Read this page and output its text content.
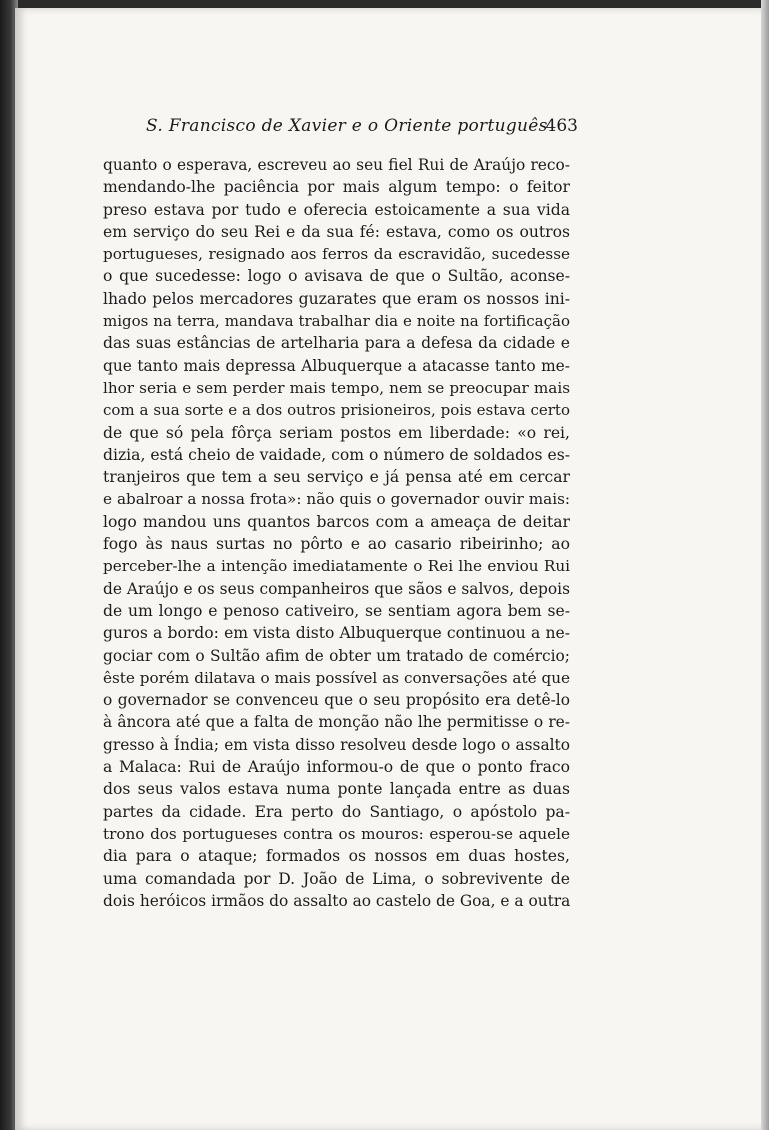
S. Francisco de Xavier e o Oriente português
463
quanto o esperava, escreveu ao seu fiel Rui de Araújo reco-
mendando-lhe paciência por mais algum tempo: o feitor
preso estava por tudo e oferecia estoicamente a sua vida
em serviço do seu Rei e da sua fé: estava, como os outros
portugueses, resignado aos ferros da escravidão, sucedesse
o que sucedesse: logo o avisava de que o Sultão, aconse-
lhado pelos mercadores guzarates que eram os nossos ini-
migos na terra, mandava trabalhar dia e noite na fortificação
das suas estâncias de artelharia para a defesa da cidade e
que tanto mais depressa Albuquerque a atacasse tanto me-
lhor seria e sem perder mais tempo, nem se preocupar mais
com a sua sorte e a dos outros prisioneiros, pois estava certo
de que só pela fôrça seriam postos em liberdade: «o rei,
dizia, está cheio de vaidade, com o número de soldados es-
tranjeiros que tem a seu serviço e já pensa até em cercar
e abalroar a nossa frota»: não quis o governador ouvir mais:
logo mandou uns quantos barcos com a ameaça de deitar
fogo às naus surtas no pôrto e ao casario ribeirinho; ao
perceber-lhe a intenção imediatamente o Rei lhe enviou Rui
de Araújo e os seus companheiros que sãos e salvos, depois
de um longo e penoso cativeiro, se sentiam agora bem se-
guros a bordo: em vista disto Albuquerque continuou a ne-
gociar com o Sultão afim de obter um tratado de comércio;
êste porém dilatava o mais possível as conversações até que
o governador se convenceu que o seu propósito era detê-lo
à âncora até que a falta de monção não lhe permitisse o re-
gresso à Índia; em vista disso resolveu desde logo o assalto
a Malaca: Rui de Araújo informou-o de que o ponto fraco
dos seus valos estava numa ponte lançada entre as duas
partes da cidade. Era perto do Santiago, o apóstolo pa-
trono dos portugueses contra os mouros: esperou-se aquele
dia para o ataque; formados os nossos em duas hostes,
uma comandada por D. João de Lima, o sobrevivente de
dois heróicos irmãos do assalto ao castelo de Goa, e a outra
